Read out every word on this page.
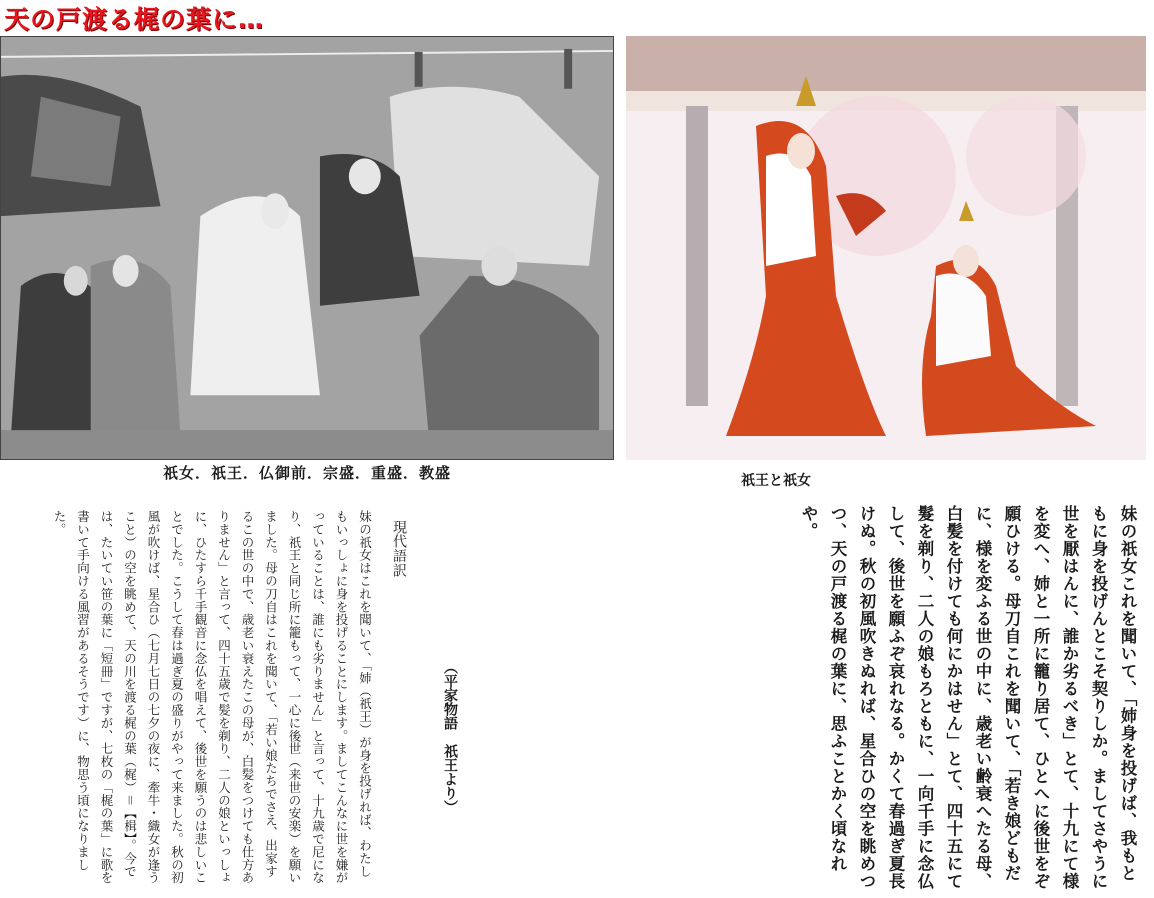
天の戸渡る梶の葉に…
祇女．祇王．仏御前．宗盛．重盛．教盛	祇王と祇女

妹の祇女これを聞いて、「姉身を投げば、我もともに身を投げんとこそ契りしか。ましてさやうに世を厭はんに、誰か劣るべき」とて、十九にて様を変へ、姉と一所に籠り居て、ひとへに後世をぞ願ひける。母刀自これを聞いて、「若き娘どもだに、様を変ふる世の中に、歳老い齢衰へたる母、白髪を付けても何にかはせん」とて、四十五にて髮を剃り、二人の娘もろともに、一向千手に念仏して、後世を願ふぞ哀れなる。かくて春過ぎ夏長けぬ。秋の初風吹きぬれば、星合ひの空を眺めつつ、天の戸渡る梶の葉に、思ふことかく頃なれや。

（平家物語　祇王より）

現代語訳

妹の祇女はこれを聞いて、「姉（祇王）が身を投げれば、わたしもいっしょに身を投げることにします。ましてこんなに世を嫌がっていることは、誰にも劣りません」と言って、十九歳で尼になり、祇王と同じ所に籠もって、一心に後世（来世の安楽）を願いました。母の刀自はこれを聞いて、「若い娘たちでさえ、出家するこの世の中で、歳老い衰えたこの母が、白髪をつけても仕方ありません」と言って、四十五歳で髪を剃り、二人の娘といっしょに、ひたすら千手観音に念仏を唱えて、後世を願うのは悲しいことでした。こうして春は過ぎ夏の盛りがやって来ました。秋の初風が吹けば、星合ひ（七月七日の七夕の夜に、牽牛・織女が逢うこと）の空を眺めて、天の川を渡る梶の葉（梶）＝【楫】。今では、たいてい笹の葉に「短冊」ですが、七枚の「梶の葉」に歌を書いて手向ける風習があるそうです）に、物思う頃になりました。
